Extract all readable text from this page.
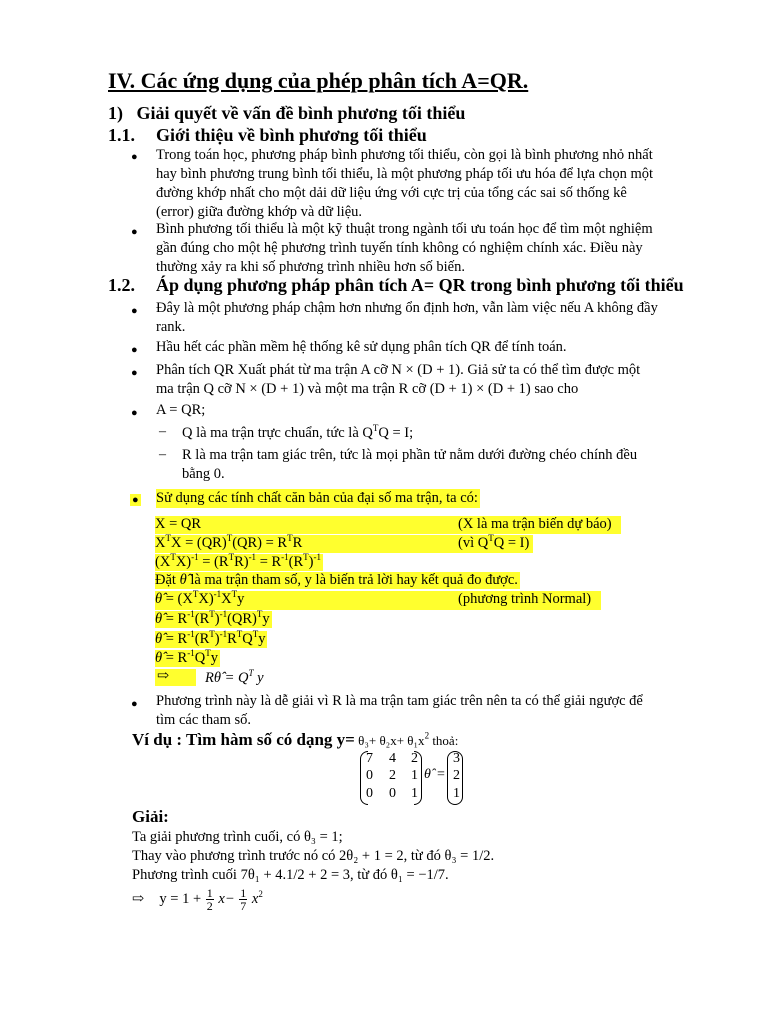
IV. Các ứng dụng của phép phân tích A=QR.
1)   Giải quyết về vấn đề bình phương tối thiểu
1.1. Giới thiệu về bình phương tối thiểu
● Trong toán học, phương pháp bình phương tối thiểu, còn gọi là bình phương nhỏ nhất
hay bình phương trung bình tối thiểu, là một phương pháp tối ưu hóa để lựa chọn một
đường khớp nhất cho một dải dữ liệu ứng với cực trị của tổng các sai số thống kê
(error) giữa đường khớp và dữ liệu.
● Bình phương tối thiểu là một kỹ thuật trong ngành tối ưu toán học để tìm một nghiệm
gần đúng cho một hệ phương trình tuyến tính không có nghiệm chính xác. Điều này
thường xảy ra khi số phương trình nhiều hơn số biến.
1.2. Áp dụng phương pháp phân tích A= QR trong bình phương tối thiểu
● Đây là một phương pháp chậm hơn nhưng ổn định hơn, vẫn làm việc nếu A không đầy
rank.
● Hầu hết các phần mềm hệ thống kê sử dụng phân tích QR để tính toán.
● Phân tích QR Xuất phát từ ma trận A cỡ N × (D + 1). Giả sử ta có thể tìm được một
ma trận Q cỡ N × (D + 1) và một ma trận R cỡ (D + 1) × (D + 1) sao cho
● A = QR;
– Q là ma trận trực chuẩn, tức là $Q^TQ = I$;
– R là ma trận tam giác trên, tức là mọi phần tử nằm dưới đường chéo chính đều
bằng 0.
● Sử dụng các tính chất căn bản của đại số ma trận, ta có:
X = QR	(X là ma trận biến dự báo)
$X^TX = (QR)^T(QR) = R^TR$	(vì $Q^TQ = I$)
$(X^TX)^{-1} = (R^TR)^{-1} = R^{-1}(R^T)^{-1}$
Đặt θ̂ là ma trận tham số, y là biến trả lời hay kết quả đo được.
θ̂ = $(X^TX)^{-1}X^Ty$	(phương trình Normal)
θ̂ = $R^{-1}(R^T)^{-1}(QR)^Ty$
θ̂ = $R^{-1}(R^T)^{-1}R^TQ^Ty$
θ̂ = $R^{-1}Q^Ty$
⇨ Rθ̂ = $Q^T$ y
● Phương trình này là dễ giải vì R là ma trận tam giác trên nên ta có thể giải ngược để
tìm các tham số.
Ví dụ : Tìm hàm số có dạng $y= \theta_3+ \theta_2x+ \theta_1x^2$ thoả:
7 4 2
0 2 1
0 0 1
θ̂ =
3
2
1
Giải:
Ta giải phương trình cuối, có θ₃ = 1;
Thay vào phương trình trước nó có 2θ₂ + 1 = 2, từ đó θ₃ = 1/2.
Phương trình cuối 7θ₁ + 4.1/2 + 2 = 3, từ đó θ₁ = −1/7.
⇨ $y = 1 + \frac{1}{2} x- \frac{1}{7} x^2$
